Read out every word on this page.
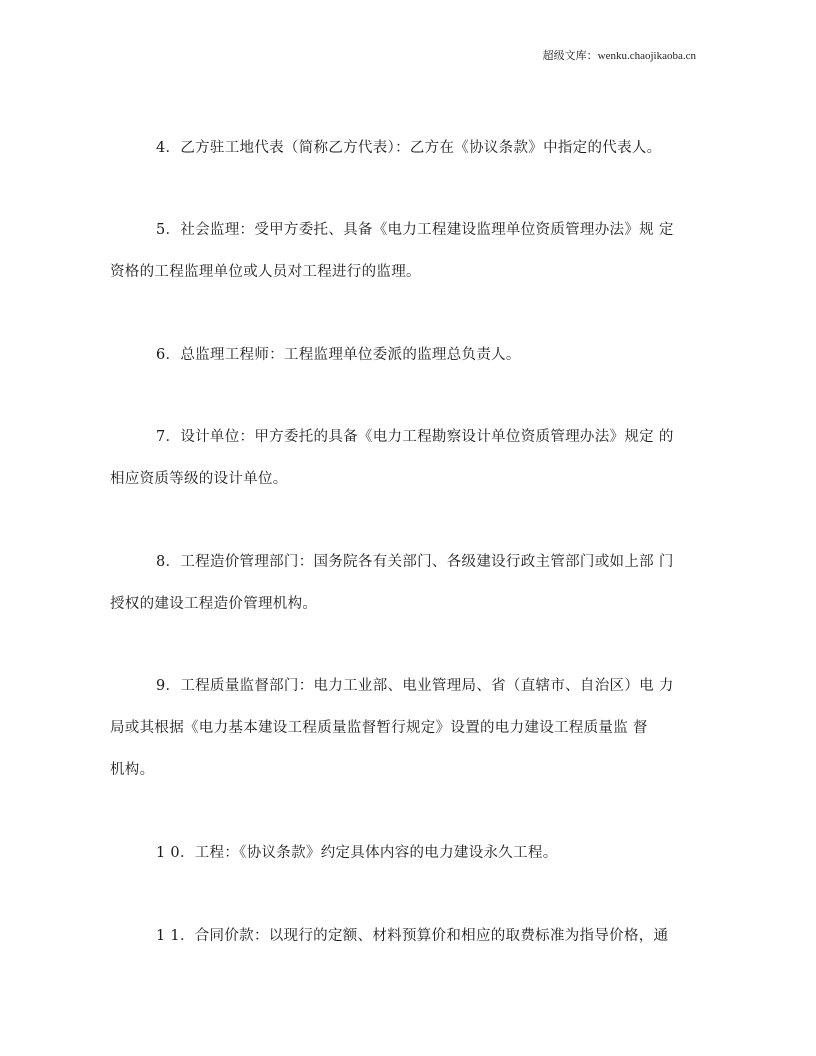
超级文库：wenku.chaojikaoba.cn
4．乙方驻工地代表（简称乙方代表）：乙方在《协议条款》中指定的代表人。
5．社会监理：受甲方委托、具备《电力工程建设监理单位资质管理办法》规 定
资格的工程监理单位或人员对工程进行的监理。
6．总监理工程师：工程监理单位委派的监理总负责人。
7．设计单位：甲方委托的具备《电力工程勘察设计单位资质管理办法》规定 的
相应资质等级的设计单位。
8．工程造价管理部门：国务院各有关部门、各级建设行政主管部门或如上部 门
授权的建设工程造价管理机构。
9．工程质量监督部门：电力工业部、电业管理局、省（直辖市、自治区）电 力
局或其根据《电力基本建设工程质量监督暂行规定》设置的电力建设工程质量监 督
机构。
1 0．工程：《协议条款》约定具体内容的电力建设永久工程。
1 1．合同价款：以现行的定额、材料预算价和相应的取费标准为指导价格，通
